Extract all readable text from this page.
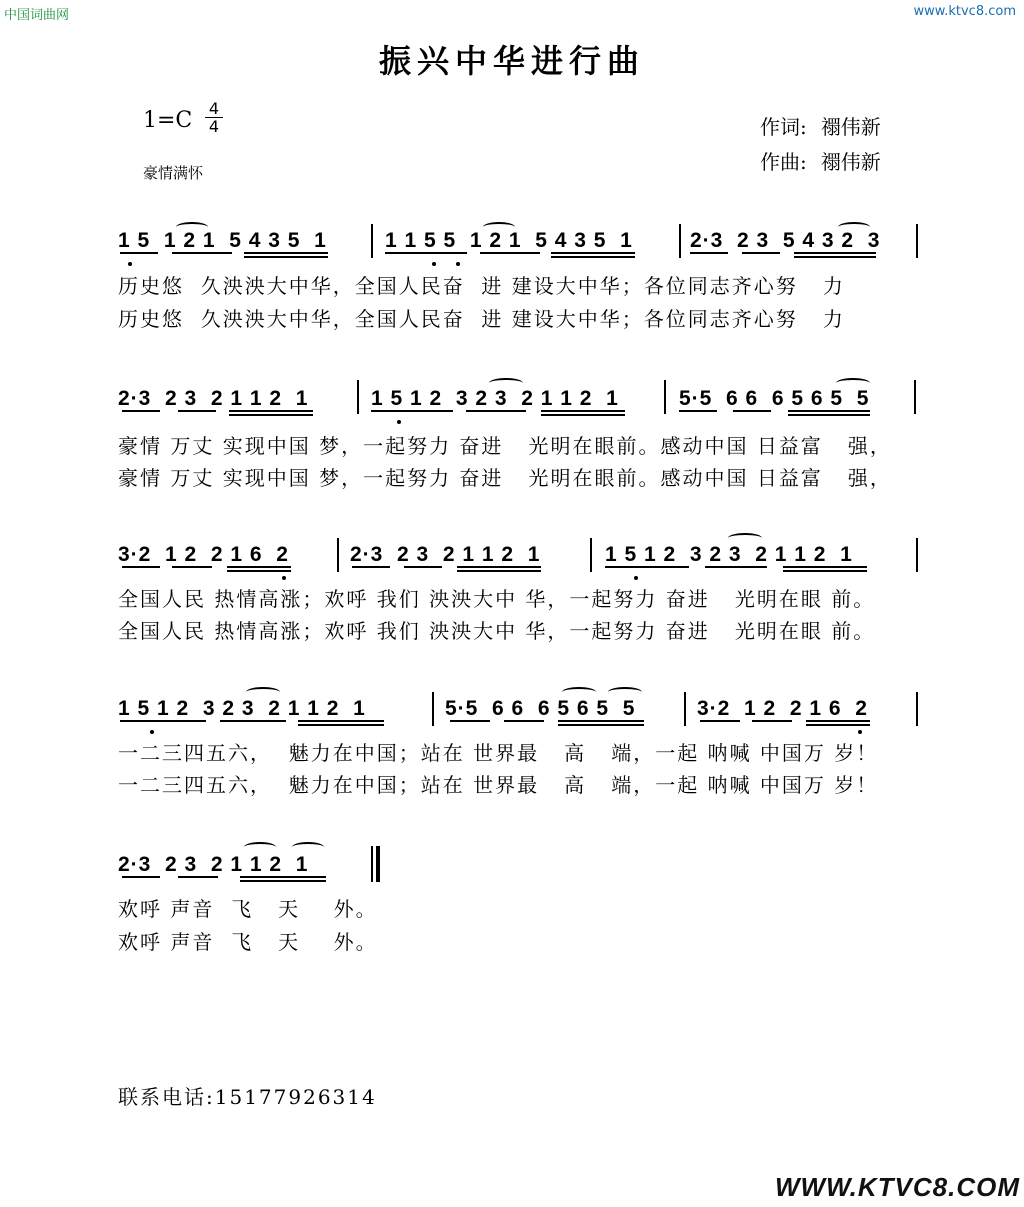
中国词曲网	www.ktvc8.com
振兴中华进行曲
$1=C \frac{4}{4}$
豪情满怀
作词: 禤伟新
作曲: 禤伟新
1 5  1 2 1  5 4 3 5  1	1 1 5 5  1 2 1  5 4 3 5  1	2·3  2 3  5 4 3 2  3
历史悠  久泱泱大中华，全国人民奋  进 建设大中华；各位同志齐心努   力
历史悠  久泱泱大中华，全国人民奋  进 建设大中华；各位同志齐心努   力
2·3  2 3  2 1 1 2  1	1 5 1 2  3 2 3  2 1 1 2  1	5·5  6 6  6 5 6 5  5
豪情 万丈 实现中国 梦，一起努力 奋进   光明在眼前。感动中国 日益富   强，
豪情 万丈 实现中国 梦，一起努力 奋进   光明在眼前。感动中国 日益富   强，
3·2  1 2  2 1 6  2	2·3  2 3  2 1 1 2  1	1 5 1 2  3 2 3  2 1 1 2  1
全国人民 热情高涨；欢呼 我们 泱泱大中 华，一起努力 奋进   光明在眼 前。
全国人民 热情高涨；欢呼 我们 泱泱大中 华，一起努力 奋进   光明在眼 前。
1 5 1 2  3 2 3  2 1 1 2  1	5·5  6 6  6 5 6 5  5	3·2  1 2  2 1 6  2
一二三四五六，  魅力在中国；站在 世界最   高   端，一起 呐喊 中国万 岁！
一二三四五六，  魅力在中国；站在 世界最   高   端，一起 呐喊 中国万 岁！
2·3  2 3  2 1 1 2  1
欢呼 声音  飞   天    外。
欢呼 声音  飞   天    外。
联系电话:15177926314
WWW.KTVC8.COM
